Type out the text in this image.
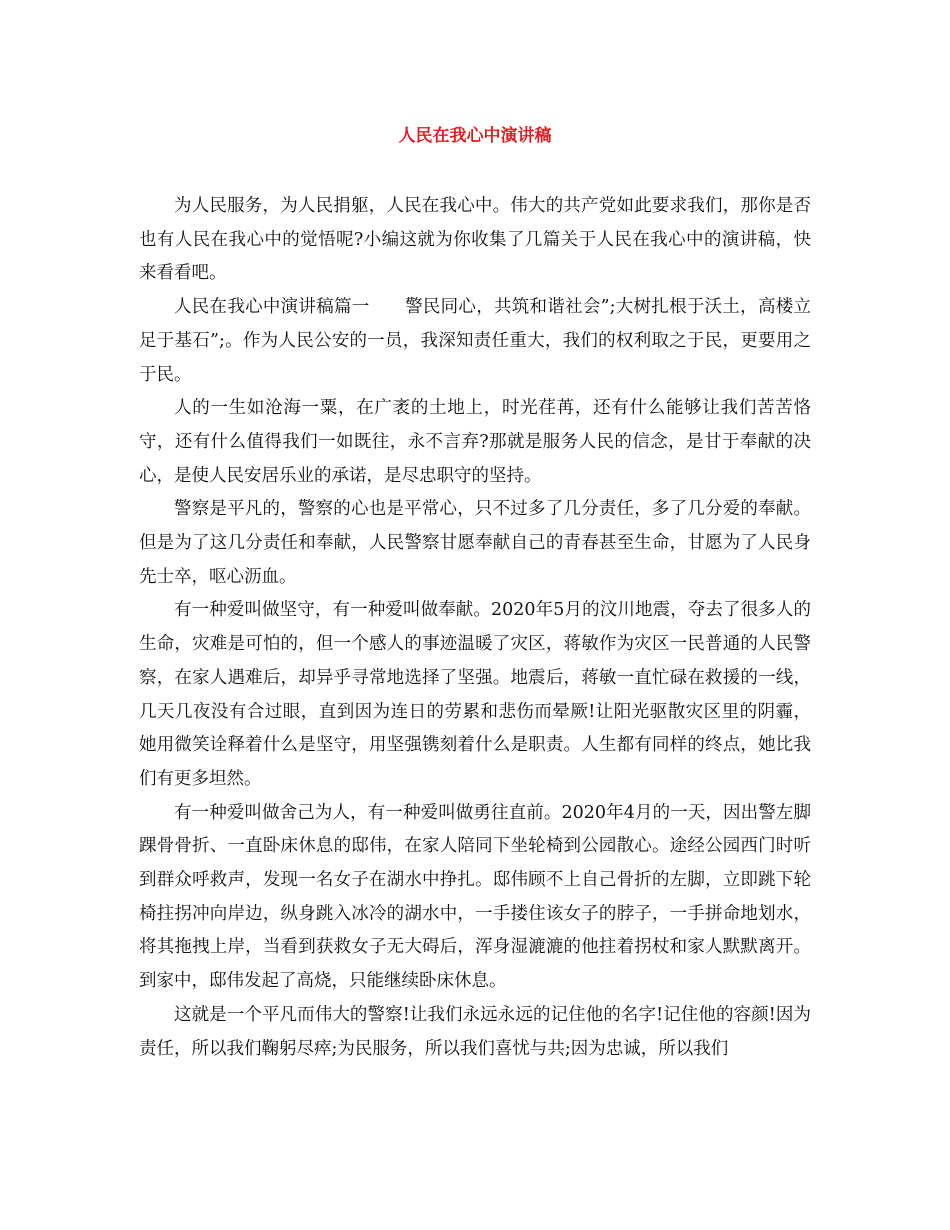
人民在我心中演讲稿

为人民服务，为人民捐躯，人民在我心中。伟大的共产党如此要求我们，那你是否也有人民在我心中的觉悟呢?小编这就为你收集了几篇关于人民在我心中的演讲稿，快来看看吧。

人民在我心中演讲稿篇一　　警民同心，共筑和谐社会”;大树扎根于沃土，高楼立足于基石”;。作为人民公安的一员，我深知责任重大，我们的权利取之于民，更要用之于民。

人的一生如沧海一粟，在广袤的土地上，时光荏苒，还有什么能够让我们苦苦恪守，还有什么值得我们一如既往，永不言弃?那就是服务人民的信念，是甘于奉献的决心，是使人民安居乐业的承诺，是尽忠职守的坚持。

警察是平凡的，警察的心也是平常心，只不过多了几分责任，多了几分爱的奉献。但是为了这几分责任和奉献，人民警察甘愿奉献自己的青春甚至生命，甘愿为了人民身先士卒，呕心沥血。

有一种爱叫做坚守，有一种爱叫做奉献。2020年5月的汶川地震，夺去了很多人的生命，灾难是可怕的，但一个感人的事迹温暖了灾区，蒋敏作为灾区一民普通的人民警察，在家人遇难后，却异乎寻常地选择了坚强。地震后，蒋敏一直忙碌在救援的一线，几天几夜没有合过眼，直到因为连日的劳累和悲伤而晕厥!让阳光驱散灾区里的阴霾，她用微笑诠释着什么是坚守，用坚强镌刻着什么是职责。人生都有同样的终点，她比我们有更多坦然。

有一种爱叫做舍己为人，有一种爱叫做勇往直前。2020年4月的一天，因出警左脚踝骨骨折、一直卧床休息的邸伟，在家人陪同下坐轮椅到公园散心。途经公园西门时听到群众呼救声，发现一名女子在湖水中挣扎。邸伟顾不上自己骨折的左脚，立即跳下轮椅拄拐冲向岸边，纵身跳入冰冷的湖水中，一手搂住该女子的脖子，一手拼命地划水，将其拖拽上岸，当看到获救女子无大碍后，浑身湿漉漉的他拄着拐杖和家人默默离开。到家中，邸伟发起了高烧，只能继续卧床休息。

这就是一个平凡而伟大的警察!让我们永远永远的记住他的名字!记住他的容颜!因为责任，所以我们鞠躬尽瘁;为民服务，所以我们喜忧与共;因为忠诚，所以我们
